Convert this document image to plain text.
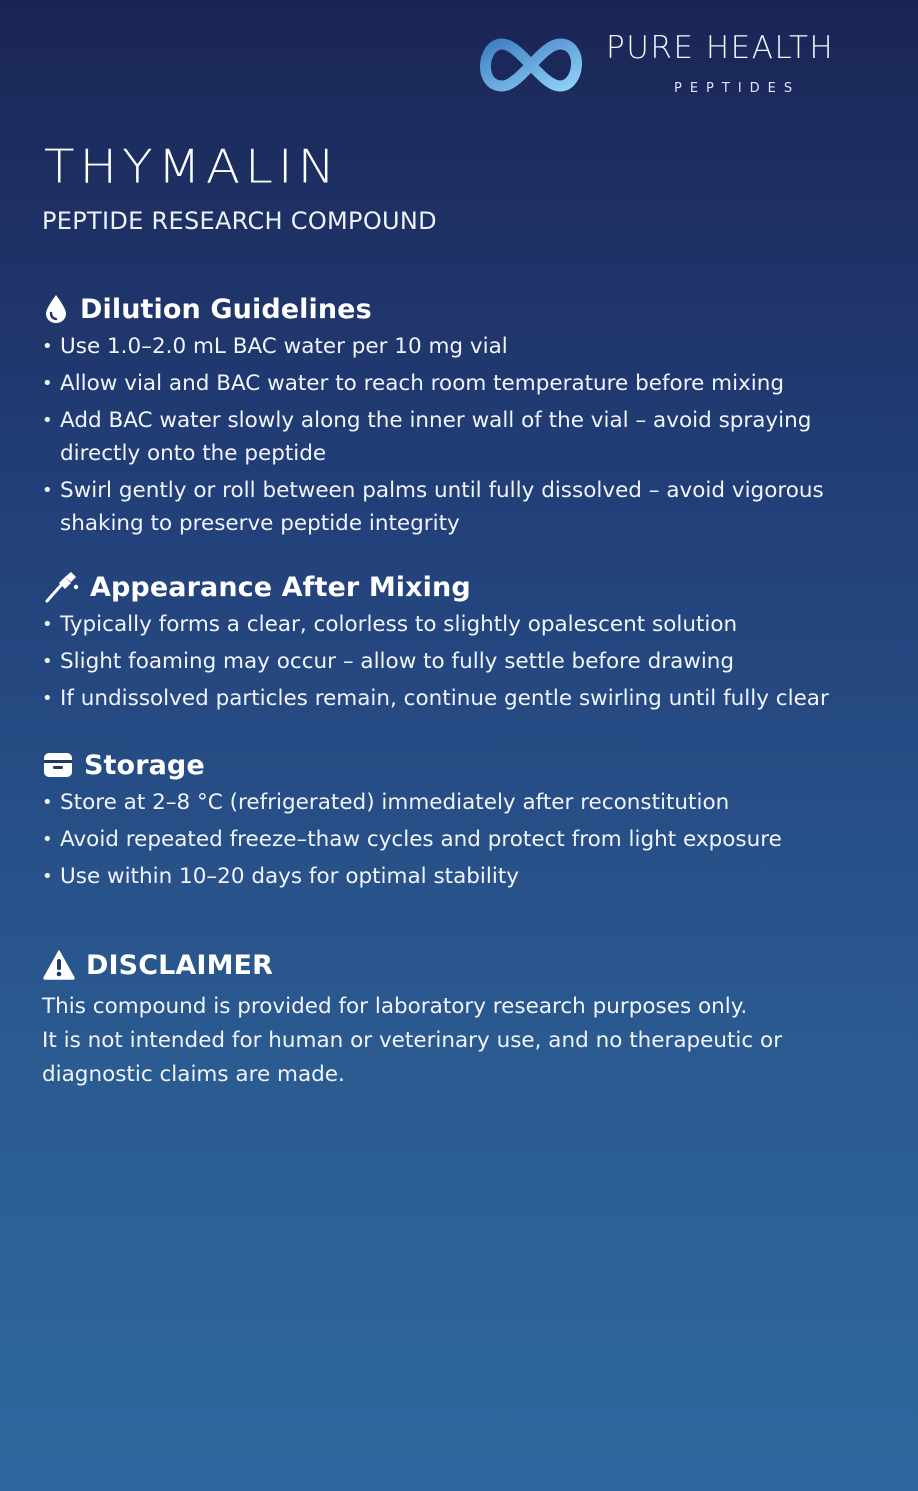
PURE HEALTH
PEPTIDES
THYMALIN

PEPTIDE RESEARCH COMPOUND

Dilution Guidelines
• Use 1.0–2.0 mL BAC water per 10 mg vial
• Allow vial and BAC water to reach room temperature before mixing
• Add BAC water slowly along the inner wall of the vial – avoid spraying directly onto the peptide
• Swirl gently or roll between palms until fully dissolved – avoid vigorous shaking to preserve peptide integrity
Appearance After Mixing
• Typically forms a clear, colorless to slightly opalescent solution
• Slight foaming may occur – allow to fully settle before drawing
• If undissolved particles remain, continue gentle swirling until fully clear
Storage
• Store at 2–8 °C (refrigerated) immediately after reconstitution
• Avoid repeated freeze–thaw cycles and protect from light exposure
• Use within 10–20 days for optimal stability
DISCLAIMER

This compound is provided for laboratory research purposes only.

It is not intended for human or veterinary use, and no therapeutic or diagnostic claims are made.
